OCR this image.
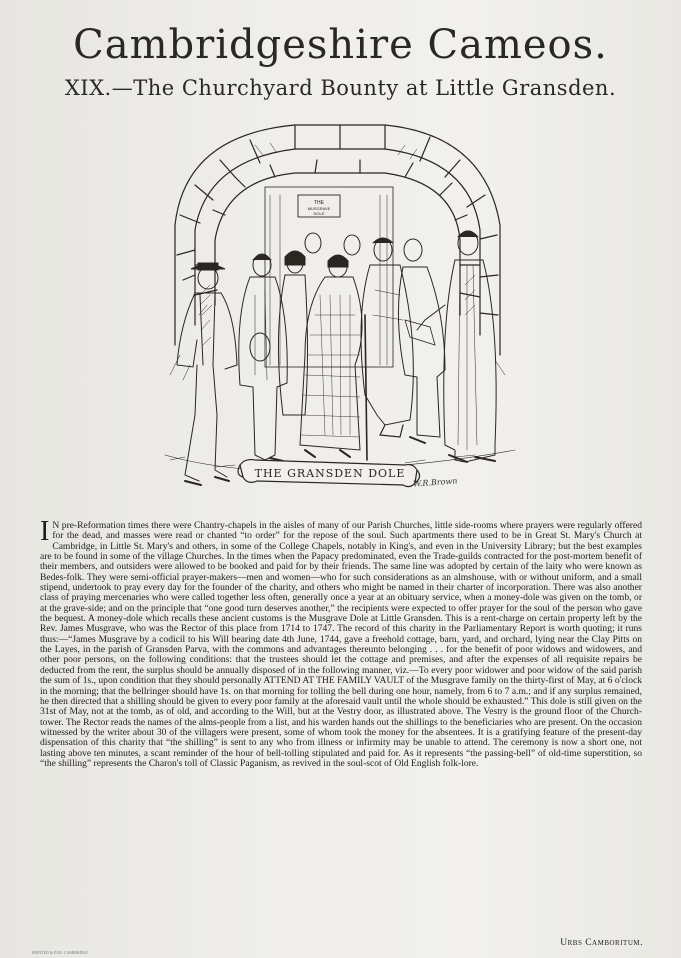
Cambridgeshire Cameos.
XIX.—The Churchyard Bounty at Little Gransden.
THE
MUSGRAVE
DOLE
THE GRANSDEN DOLE
W.R.Brown

I N pre-Reformation times there were Chantry-chapels in the aisles of many of our Parish Churches, little side-rooms where prayers were regularly offered for the dead, and masses were read or chanted “to order” for the repose of the soul. Such apartments there used to be in Great St. Mary's Church at Cambridge, in Little St. Mary's and others, in some of the College Chapels, notably in King's, and even in the University Library; but the best examples are to be found in some of the village Churches. In the times when the Papacy predominated, even the Trade-guilds contracted for the post-mortem benefit of their members, and outsiders were allowed to be booked and paid for by their friends. The same line was adopted by certain of the laity who were known as Bedes-folk. They were semi-official prayer-makers—men and women—who for such considerations as an almshouse, with or without uniform, and a small stipend, undertook to pray every day for the founder of the charity, and others who might be named in their charter of incorporation. There was also another class of praying mercenaries who were called together less often, generally once a year at an obituary service, when a money-dole was given on the tomb, or at the grave-side; and on the principle that “one good turn deserves another,” the recipients were expected to offer prayer for the soul of the person who gave the bequest. A money-dole which recalls these ancient customs is the Musgrave Dole at Little Gransden. This is a rent-charge on certain property left by the Rev. James Musgrave, who was the Rector of this place from 1714 to 1747. The record of this charity in the Parliamentary Report is worth quoting; it runs thus:—“James Musgrave by a codicil to his Will bearing date 4th June, 1744, gave a freehold cottage, barn, yard, and orchard, lying near the Clay Pitts on the Layes, in the parish of Gransden Parva, with the commons and advantages thereunto belonging . . . for the benefit of poor widows and widowers, and other poor persons, on the following conditions: that the trustees should let the cottage and premises, and after the expenses of all requisite repairs be deducted from the rent, the surplus should be annually disposed of in the following manner, viz.—To every poor widower and poor widow of the said parish the sum of 1s., upon condition that they should personally ATTEND AT THE FAMILY VAULT of the Musgrave family on the thirty-first of May, at 6 o'clock in the morning; that the bellringer should have 1s. on that morning for tolling the bell during one hour, namely, from 6 to 7 a.m.; and if any surplus remained, he then directed that a shilling should be given to every poor family at the aforesaid vault until the whole should be exhausted.” This dole is still given on the 31st of May, not at the tomb, as of old, and according to the Will, but at the Vestry door, as illustrated above. The Vestry is the ground floor of the Church-tower. The Rector reads the names of the alms-people from a list, and his warden hands out the shillings to the beneficiaries who are present. On the occasion witnessed by the writer about 30 of the villagers were present, some of whom took the money for the absentees. It is a gratifying feature of the present-day dispensation of this charity that “the shilling” is sent to any who from illness or infirmity may be unable to attend. The ceremony is now a short one, not lasting above ten minutes, a scant reminder of the hour of bell-tolling stipulated and paid for. As it represents “the passing-bell” of old-time superstition, so “the shilling” represents the Charon's toll of Classic Paganism, as revived in the soul-scot of Old English folk-lore.

Urbs Camboritum.
PRINTED & PUB. CAMBRIDGE
